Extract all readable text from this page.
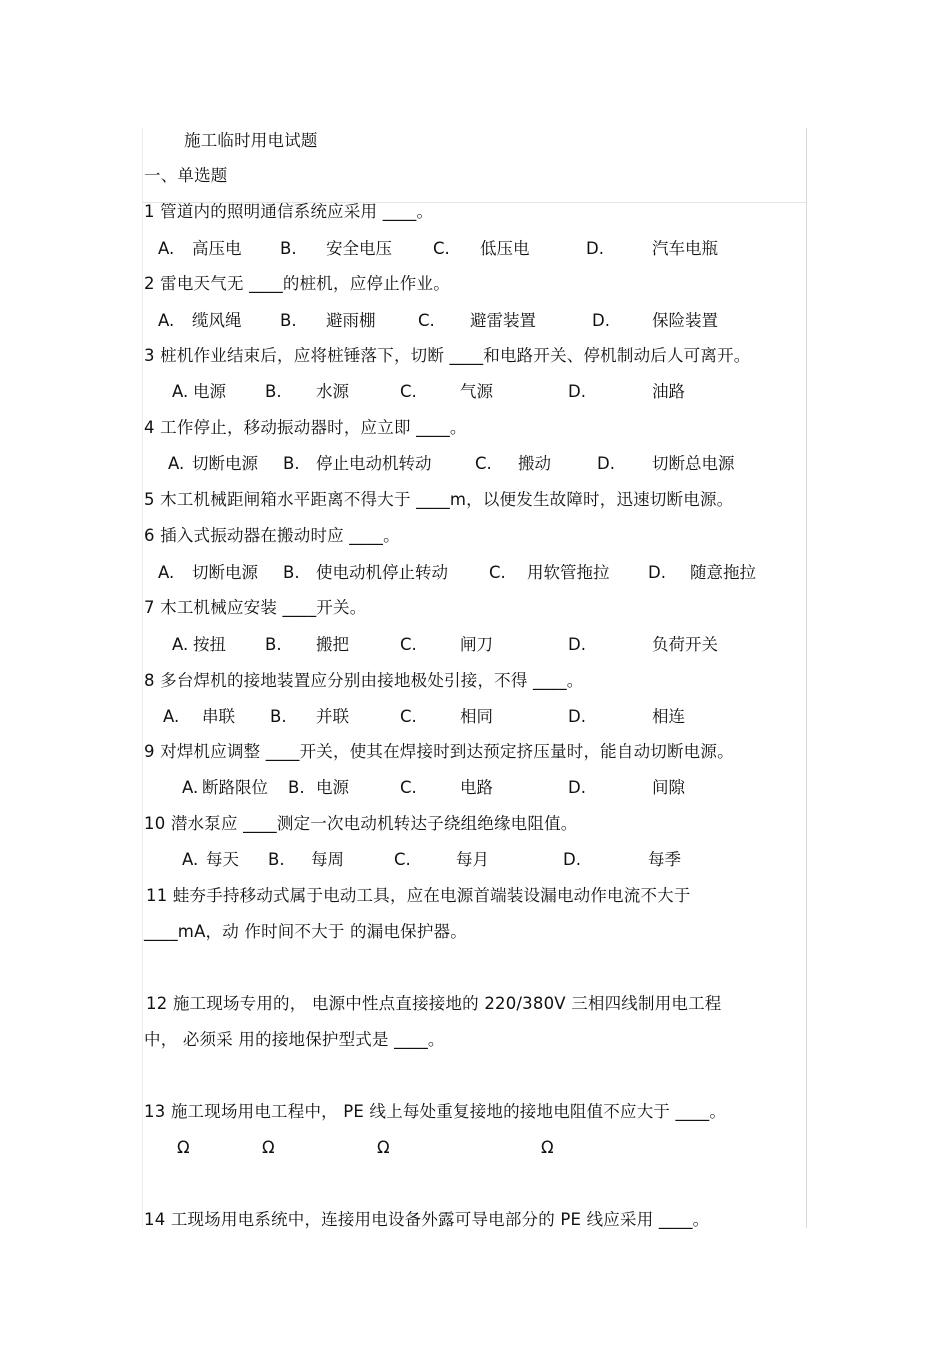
施工临时用电试题
一、单选题
1 管道内的照明通信系统应采用 ____。
A. 高压电 B. 安全电压 C. 低压电	D.	汽车电瓶
2 雷电天气无 ____的桩机，应停止作业。
A. 缆风绳 B. 避雨棚	C. 避雷装置	D.	保险装置
3 桩机作业结束后，应将桩锤落下，切断 ____和电路开关、停机制动后人可离开。
A. 电源 B. 水源	C.	气源	D.	油路
4 工作停止，移动振动器时，应立即 ____。
A. 切断电源 B. 停止电动机转动	C. 搬动	D. 切断总电源
5 木工机械距闸箱水平距离不得大于 ____m，以便发生故障时，迅速切断电源。
6 插入式振动器在搬动时应 ____。
A. 切断电源 B. 使电动机停止转动 C. 用软管拖拉 D. 随意拖拉
7 木工机械应安装 ____开关。
A. 按扭 B. 搬把	C.	闸刀	D.	负荷开关
8 多台焊机的接地装置应分别由接地极处引接，不得 ____。
A. 串联 B. 并联	C.	相同	D.	相连
9 对焊机应调整 ____开关，使其在焊接时到达预定挤压量时，能自动切断电源。
A. 断路限位 B. 电源	C.	电路	D.	间隙
10 潜水泵应 ____测定一次电动机转达子绕组绝缘电阻值。
A. 每天 B. 每周	C.	每月	D.	每季
11 蛙夯手持移动式属于电动工具，应在电源首端装设漏电动作电流不大于
____mA，动 作时间不大于 的漏电保护器。
12 施工现场专用的， 电源中性点直接接地的 220/380V 三相四线制用电工程
中， 必须采 用的接地保护型式是 ____。
13 施工现场用电工程中， PE 线上每处重复接地的接地电阻值不应大于 ____。
Ω	Ω	Ω	Ω
14 工现场用电系统中，连接用电设备外露可导电部分的 PE 线应采用 ____。
